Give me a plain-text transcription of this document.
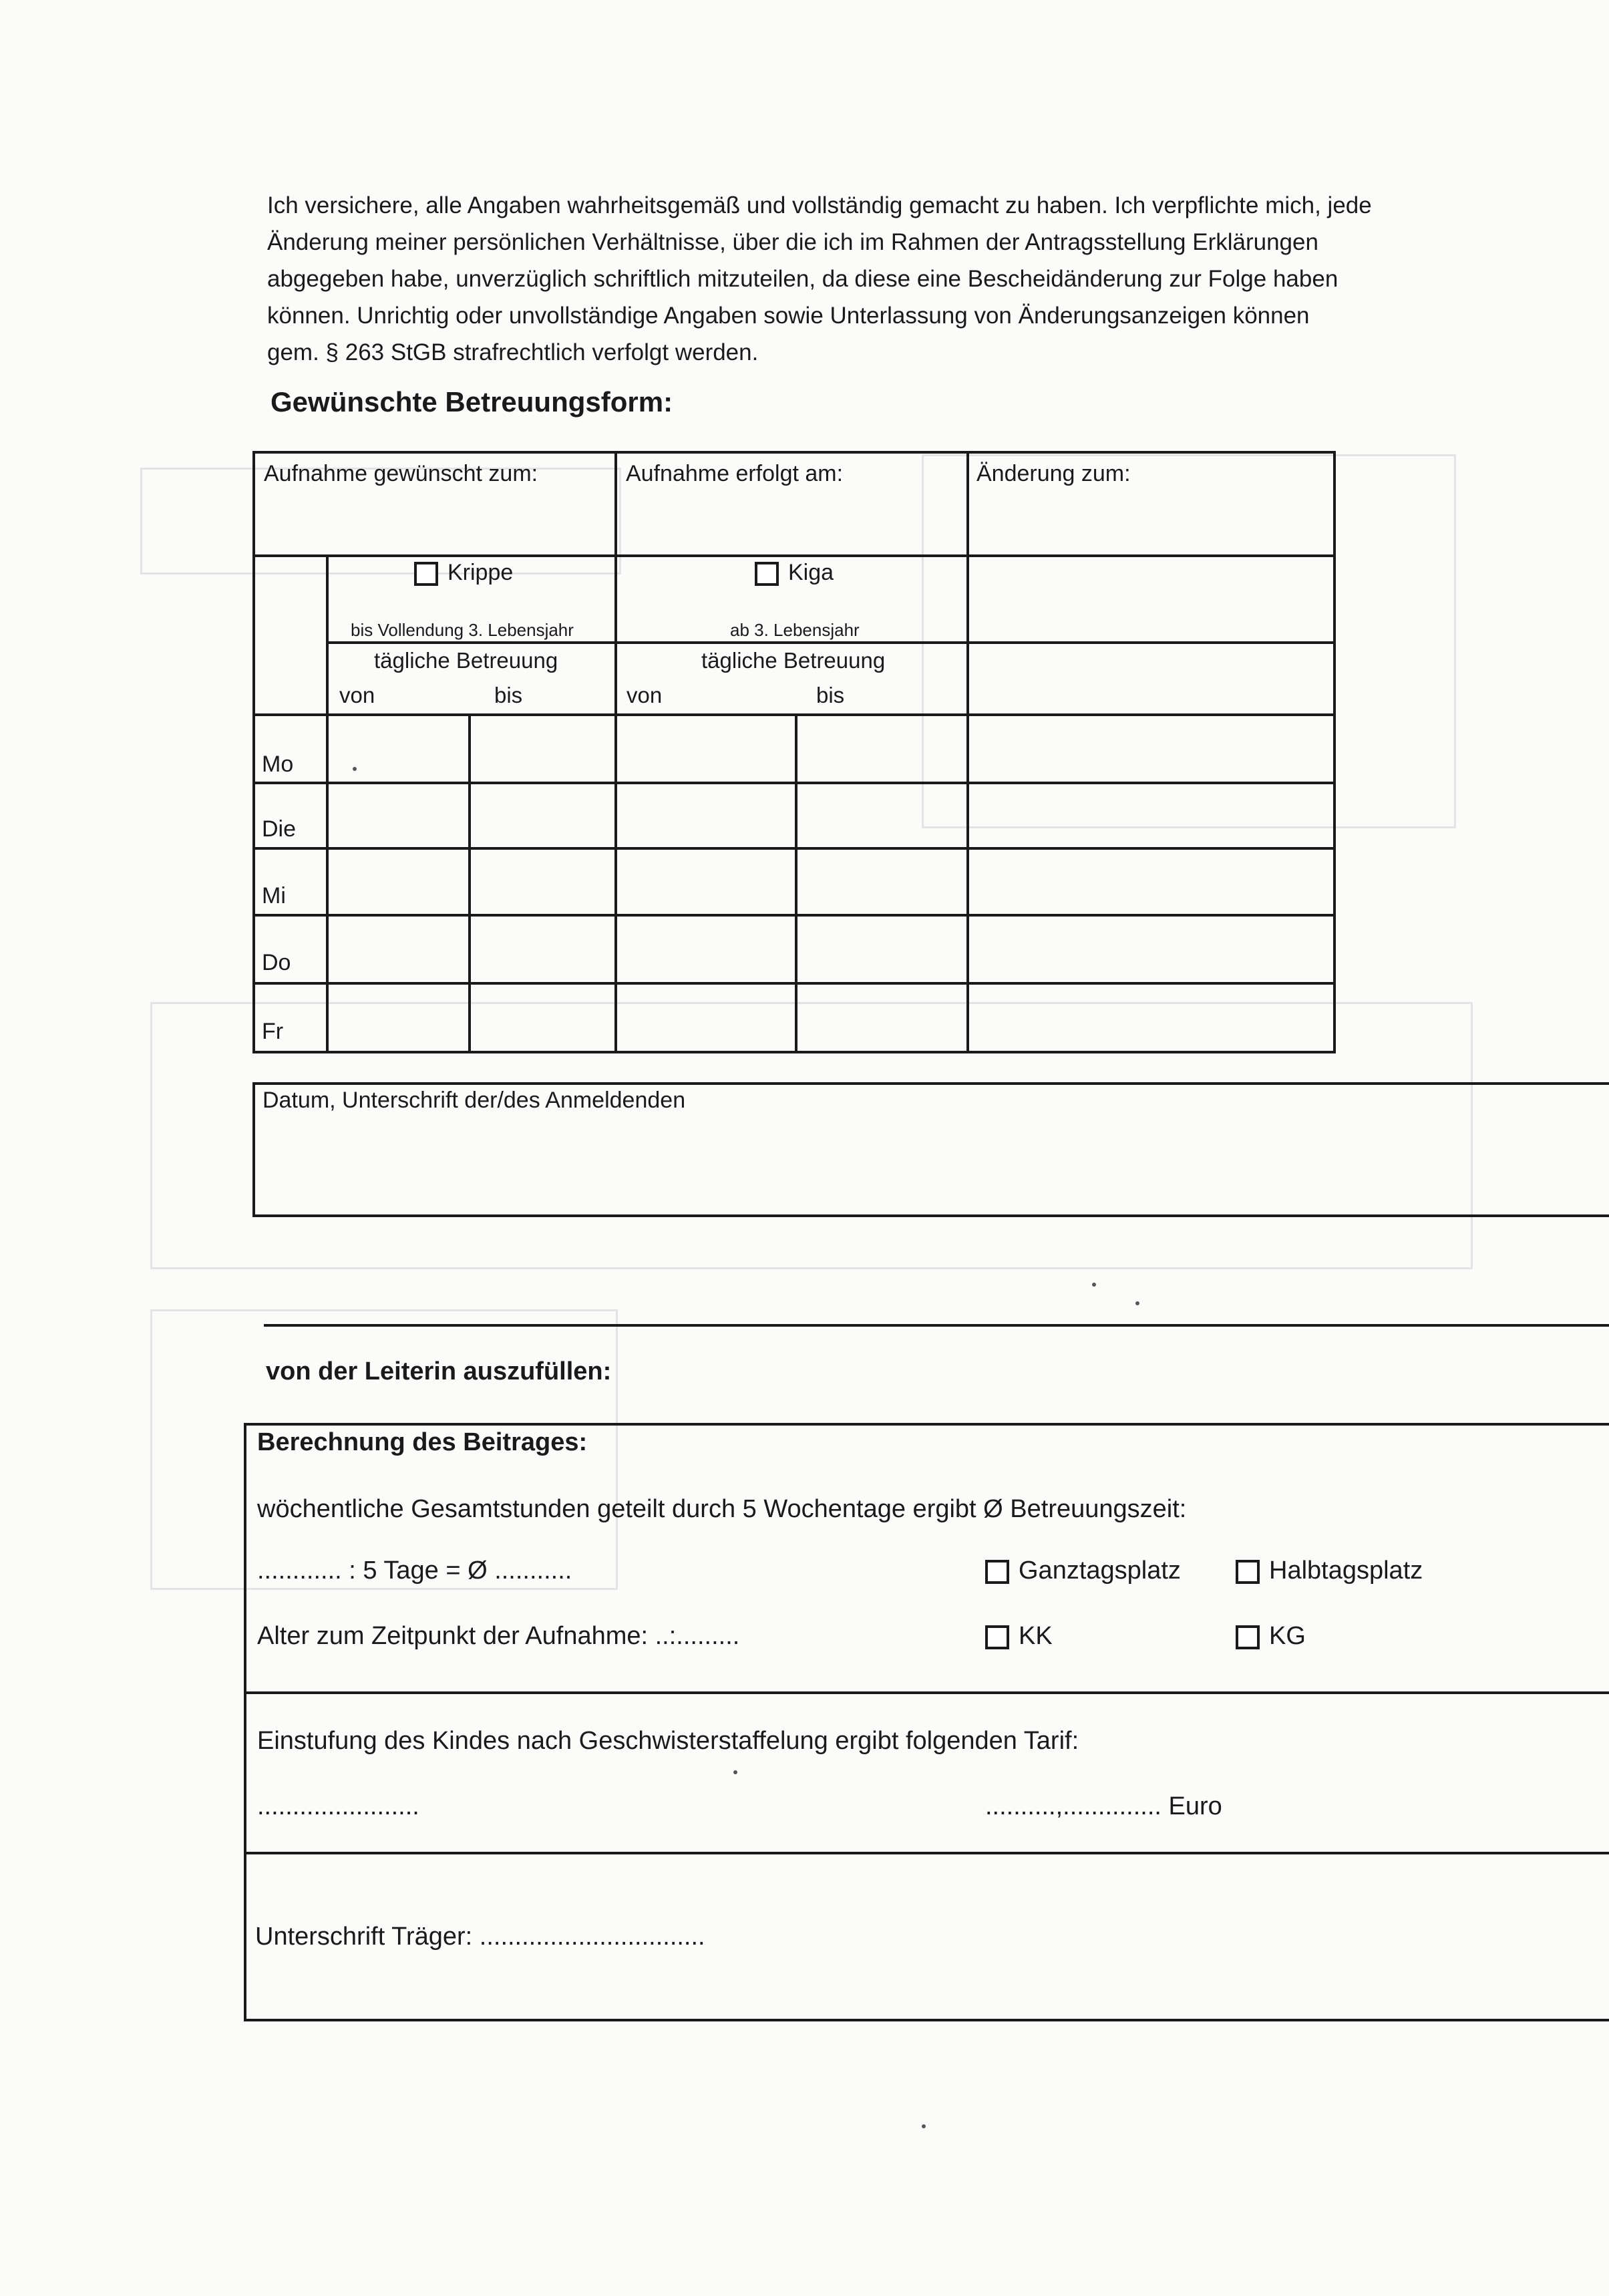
Ich versichere, alle Angaben wahrheitsgemäß und vollständig gemacht zu haben. Ich verpflichte mich, jede
Änderung meiner persönlichen Verhältnisse, über die ich im Rahmen der Antragsstellung Erklärungen
abgegeben habe, unverzüglich schriftlich mitzuteilen, da diese eine Bescheidänderung zur Folge haben
können. Unrichtig oder unvollständige Angaben sowie Unterlassung von Änderungsanzeigen können
gem. § 263 StGB strafrechtlich verfolgt werden.
Gewünschte Betreuungsform:
Aufnahme gewünscht zum:	Aufnahme erfolgt am:	Änderung zum:
Krippe	Kiga
bis Vollendung 3. Lebensjahr	ab 3. Lebensjahr
tägliche Betreuung
von	bis
tägliche Betreuung
von	bis
Mo
Die
Mi
Do
Fr
Datum, Unterschrift der/des Anmeldenden
von der Leiterin auszufüllen:
Berechnung des Beitrages:
wöchentliche Gesamtstunden geteilt durch 5 Wochentage ergibt Ø Betreuungszeit:
............ : 5 Tage = Ø ...........	Ganztagsplatz	Halbtagsplatz
Alter zum Zeitpunkt der Aufnahme: ..:.........	KK	KG
Einstufung des Kindes nach Geschwisterstaffelung ergibt folgenden Tarif:
.......................	..........,.............. Euro
Unterschrift Träger: ................................
